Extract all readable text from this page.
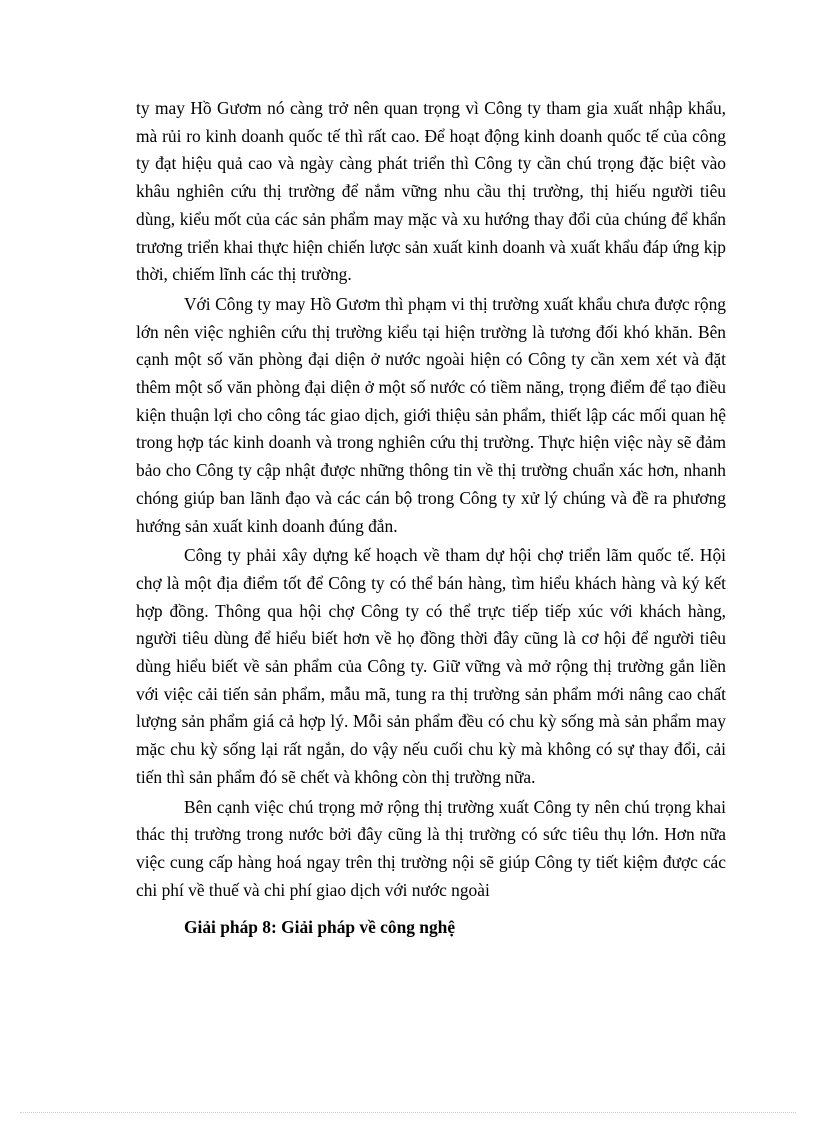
ty may Hồ Gươm nó càng trở nên quan trọng vì Công ty tham gia xuất nhập khẩu, mà rủi ro kinh doanh quốc tế thì rất cao. Để hoạt động kinh doanh quốc tế của công ty đạt hiệu quả cao và ngày càng phát triển thì Công ty cần chú trọng đặc biệt vào khâu nghiên cứu thị trường để nắm vững nhu cầu thị trường, thị hiếu người tiêu dùng, kiểu mốt của các sản phẩm may mặc và xu hướng thay đổi của chúng để khẩn trương triển khai thực hiện chiến lược sản xuất kinh doanh và xuất khẩu đáp ứng kịp thời, chiếm lĩnh các thị trường.

Với Công ty may Hồ Gươm thì phạm vi thị trường xuất khẩu chưa được rộng lớn nên việc nghiên cứu thị trường kiểu tại hiện trường là tương đối khó khăn. Bên cạnh một số văn phòng đại diện ở nước ngoài hiện có Công ty cần xem xét và đặt thêm một số văn phòng đại diện ở một số nước có tiềm năng, trọng điểm để tạo điều kiện thuận lợi cho công tác giao dịch, giới thiệu sản phẩm, thiết lập các mối quan hệ trong hợp tác kinh doanh và trong nghiên cứu thị trường. Thực hiện việc này sẽ đảm bảo cho Công ty cập nhật được những thông tin về thị trường chuẩn xác hơn, nhanh chóng giúp ban lãnh đạo và các cán bộ trong Công ty xử lý chúng và đề ra phương hướng sản xuất kinh doanh đúng đắn.

Công ty phải xây dựng kế hoạch về tham dự hội chợ triển lãm quốc tế. Hội chợ là một địa điểm tốt để Công ty có thể bán hàng, tìm hiểu khách hàng và ký kết hợp đồng. Thông qua hội chợ Công ty có thể trực tiếp tiếp xúc với khách hàng, người tiêu dùng để hiểu biết hơn về họ đồng thời đây cũng là cơ hội để người tiêu dùng hiểu biết về sản phẩm của Công ty. Giữ vững và mở rộng thị trường gắn liền với việc cải tiến sản phẩm, mẫu mã, tung ra thị trường sản phẩm mới nâng cao chất lượng sản phẩm giá cả hợp lý. Mỗi sản phẩm đều có chu kỳ sống mà sản phẩm may mặc chu kỳ sống lại rất ngắn, do vậy nếu cuối chu kỳ mà không có sự thay đổi, cải tiến thì sản phẩm đó sẽ chết và không còn thị trường nữa.

Bên cạnh việc chú trọng mở rộng thị trường xuất Công ty nên chú trọng khai thác thị trường trong nước bởi đây cũng là thị trường có sức tiêu thụ lớn. Hơn nữa việc cung cấp hàng hoá ngay trên thị trường nội sẽ giúp Công ty tiết kiệm được các chi phí về thuế và chi phí giao dịch với nước ngoài

Giải pháp 8: Giải pháp về công nghệ
